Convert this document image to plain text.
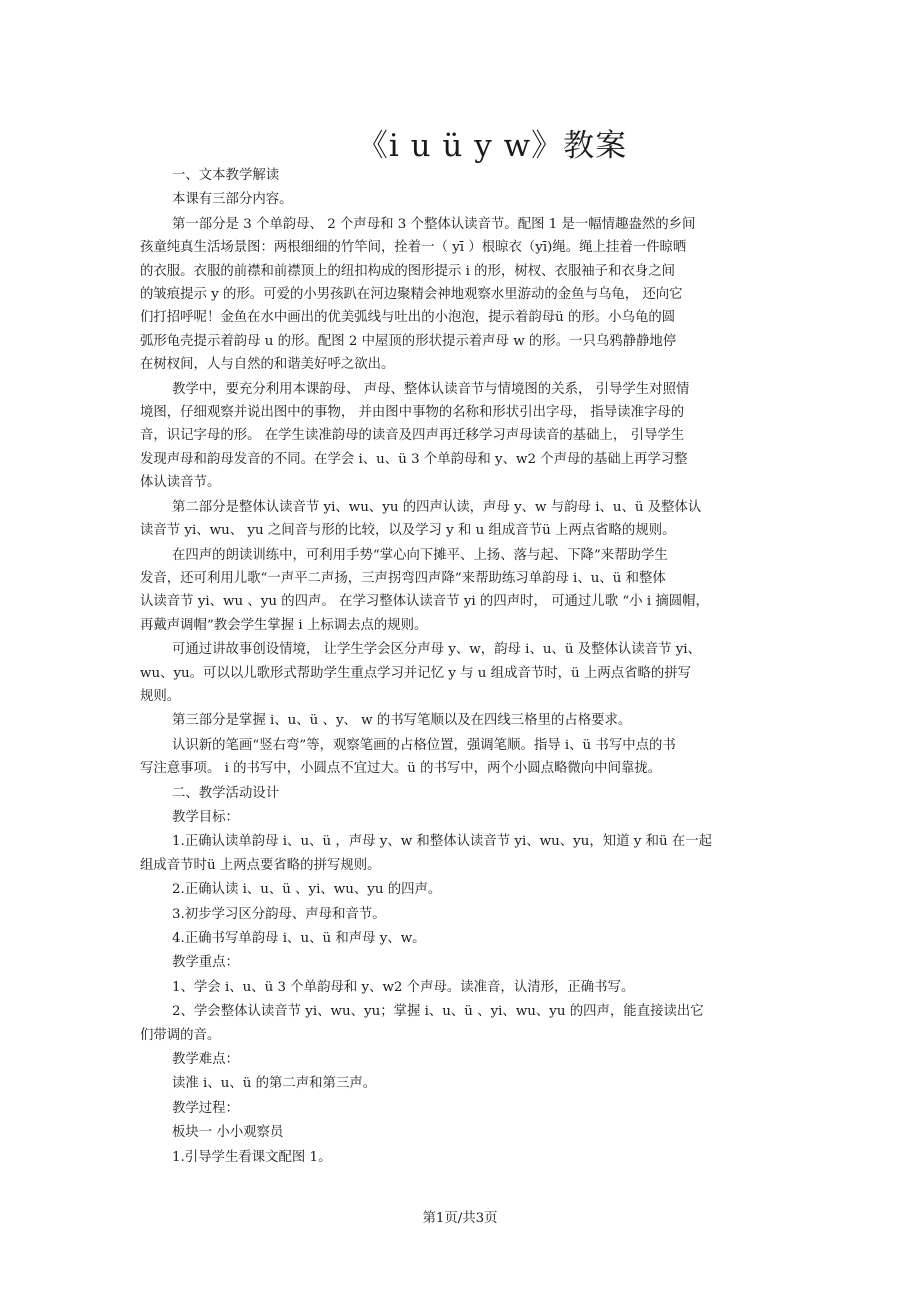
《i u ü y w》教案

一、文本教学解读

本课有三部分内容。

第一部分是 3 个单韵母、 2 个声母和 3 个整体认读音节。配图 1 是一幅情趣盎然的乡间

孩童纯真生活场景图：两根细细的竹竿间，拴着一（ yī ）根晾衣（yī)绳。绳上挂着一件晾晒

的衣服。衣服的前襟和前襟顶上的纽扣构成的图形提示 i 的形，树杈、衣服袖子和衣身之间

的皱痕提示 y 的形。可爱的小男孩趴在河边聚精会神地观察水里游动的金鱼与乌龟， 还向它

们打招呼呢！金鱼在水中画出的优美弧线与吐出的小泡泡，提示着韵母ü 的形。小乌龟的圆

弧形龟壳提示着韵母 u 的形。配图 2 中屋顶的形状提示着声母 w 的形。一只乌鸦静静地停

在树杈间，人与自然的和谐美好呼之欲出。

教学中，要充分利用本课韵母、 声母、整体认读音节与情境图的关系， 引导学生对照情

境图，仔细观察并说出图中的事物， 并由图中事物的名称和形状引出字母， 指导读准字母的

音，识记字母的形。 在学生读准韵母的读音及四声再迁移学习声母读音的基础上， 引导学生

发现声母和韵母发音的不同。在学会 i、u、ü 3 个单韵母和 y、w2 个声母的基础上再学习整

体认读音节。

第二部分是整体认读音节 yi、wu、yu 的四声认读，声母 y、w 与韵母 i、u、ü 及整体认

读音节 yi、wu、 yu 之间音与形的比较，以及学习 y 和 u 组成音节ü 上两点省略的规则。

在四声的朗读训练中，可利用手势“掌心向下摊平、上扬、落与起、下降”来帮助学生

发音，还可利用儿歌“一声平二声扬，三声拐弯四声降”来帮助练习单韵母 i、u、ü 和整体

认读音节 yi、wu 、yu 的四声。 在学习整体认读音节 yi 的四声时， 可通过儿歌 “小 i 摘圆帽，

再戴声调帽”教会学生掌握 i 上标调去点的规则。

可通过讲故事创设情境， 让学生学会区分声母 y、w，韵母 i、u、ü 及整体认读音节 yi、

wu、yu。可以以儿歌形式帮助学生重点学习并记忆 y 与 u 组成音节时，ü 上两点省略的拼写

规则。

第三部分是掌握 i、u、ü 、y、 w 的书写笔顺以及在四线三格里的占格要求。

认识新的笔画“竖右弯”等，观察笔画的占格位置，强调笔顺。指导 i、ü 书写中点的书

写注意事项。 i 的书写中，小圆点不宜过大。ü 的书写中，两个小圆点略微向中间靠拢。

二、教学活动设计

教学目标：

1.正确认读单韵母 i、u、ü ，声母 y、w 和整体认读音节 yi、wu、yu，知道 y 和ü 在一起

组成音节时ü 上两点要省略的拼写规则。

2.正确认读 i、u、ü 、yi、wu、yu 的四声。

3.初步学习区分韵母、声母和音节。

4.正确书写单韵母 i、u、ü 和声母 y、w。

教学重点：

1、学会 i、u、ü 3 个单韵母和 y、w2 个声母。读准音，认清形，正确书写。

2、学会整体认读音节 yi、wu、yu；掌握 i、u、ü 、yi、wu、yu 的四声，能直接读出它

们带调的音。

教学难点：

读准 i、u、ü 的第二声和第三声。

教学过程：

板块一 小小观察员

1.引导学生看课文配图 1。

第1页/共3页
